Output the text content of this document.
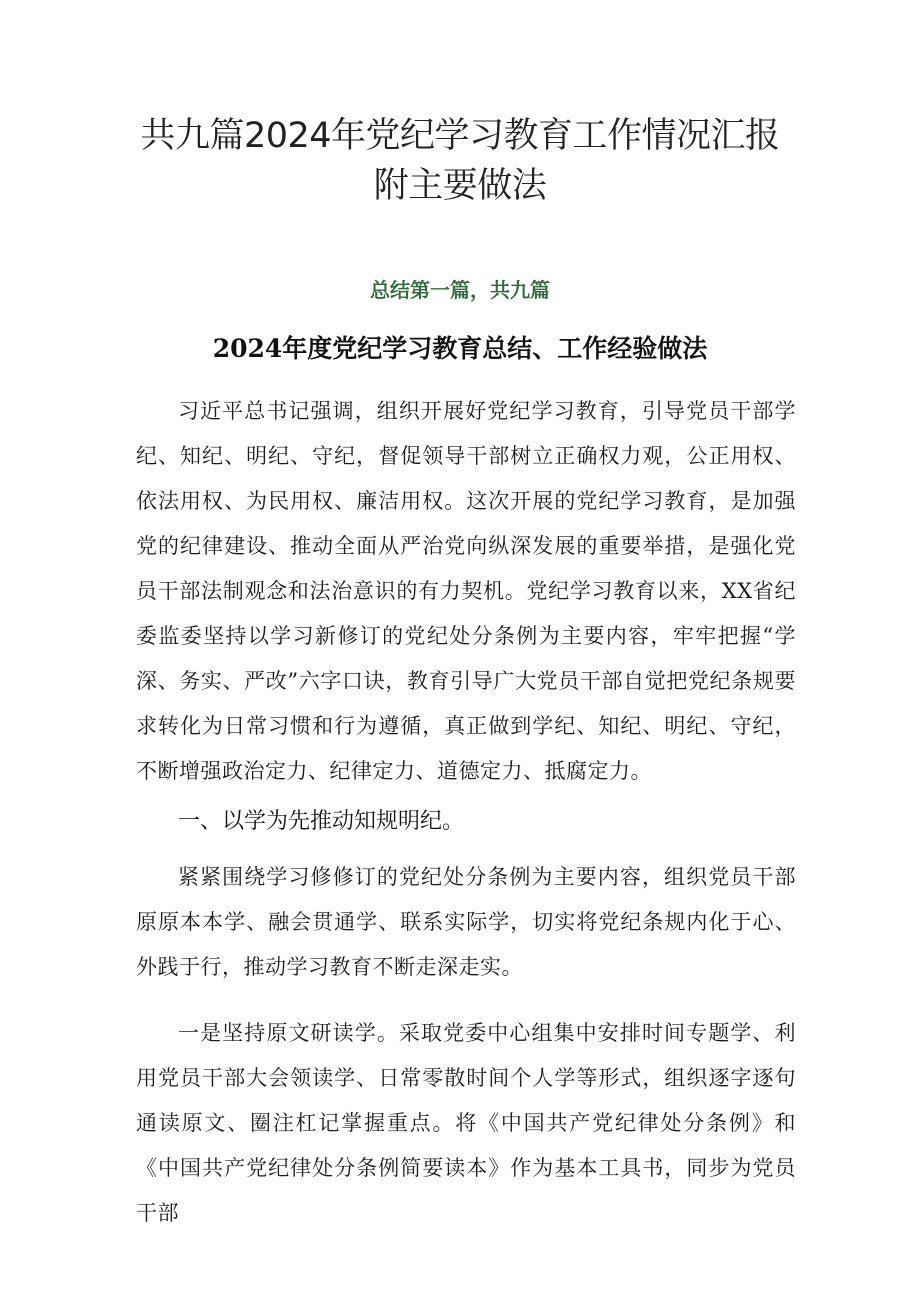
共九篇2024年党纪学习教育工作情况汇报
附主要做法

总结第一篇，共九篇

2024年度党纪学习教育总结、工作经验做法

习近平总书记强调，组织开展好党纪学习教育，引导党员干部学纪、知纪、明纪、守纪，督促领导干部树立正确权力观，公正用权、依法用权、为民用权、廉洁用权。这次开展的党纪学习教育，是加强党的纪律建设、推动全面从严治党向纵深发展的重要举措，是强化党员干部法制观念和法治意识的有力契机。党纪学习教育以来，XX省纪委监委坚持以学习新修订的党纪处分条例为主要内容，牢牢把握“学深、务实、严改”六字口诀，教育引导广大党员干部自觉把党纪条规要求转化为日常习惯和行为遵循，真正做到学纪、知纪、明纪、守纪，不断增强政治定力、纪律定力、道德定力、抵腐定力。

一、以学为先推动知规明纪。

紧紧围绕学习修修订的党纪处分条例为主要内容，组织党员干部原原本本学、融会贯通学、联系实际学，切实将党纪条规内化于心、外践于行，推动学习教育不断走深走实。

一是坚持原文研读学。采取党委中心组集中安排时间专题学、利用党员干部大会领读学、日常零散时间个人学等形式，组织逐字逐句通读原文、圈注杠记掌握重点。将《中国共产党纪律处分条例》和《中国共产党纪律处分条例简要读本》作为基本工具书，同步为党员干部
